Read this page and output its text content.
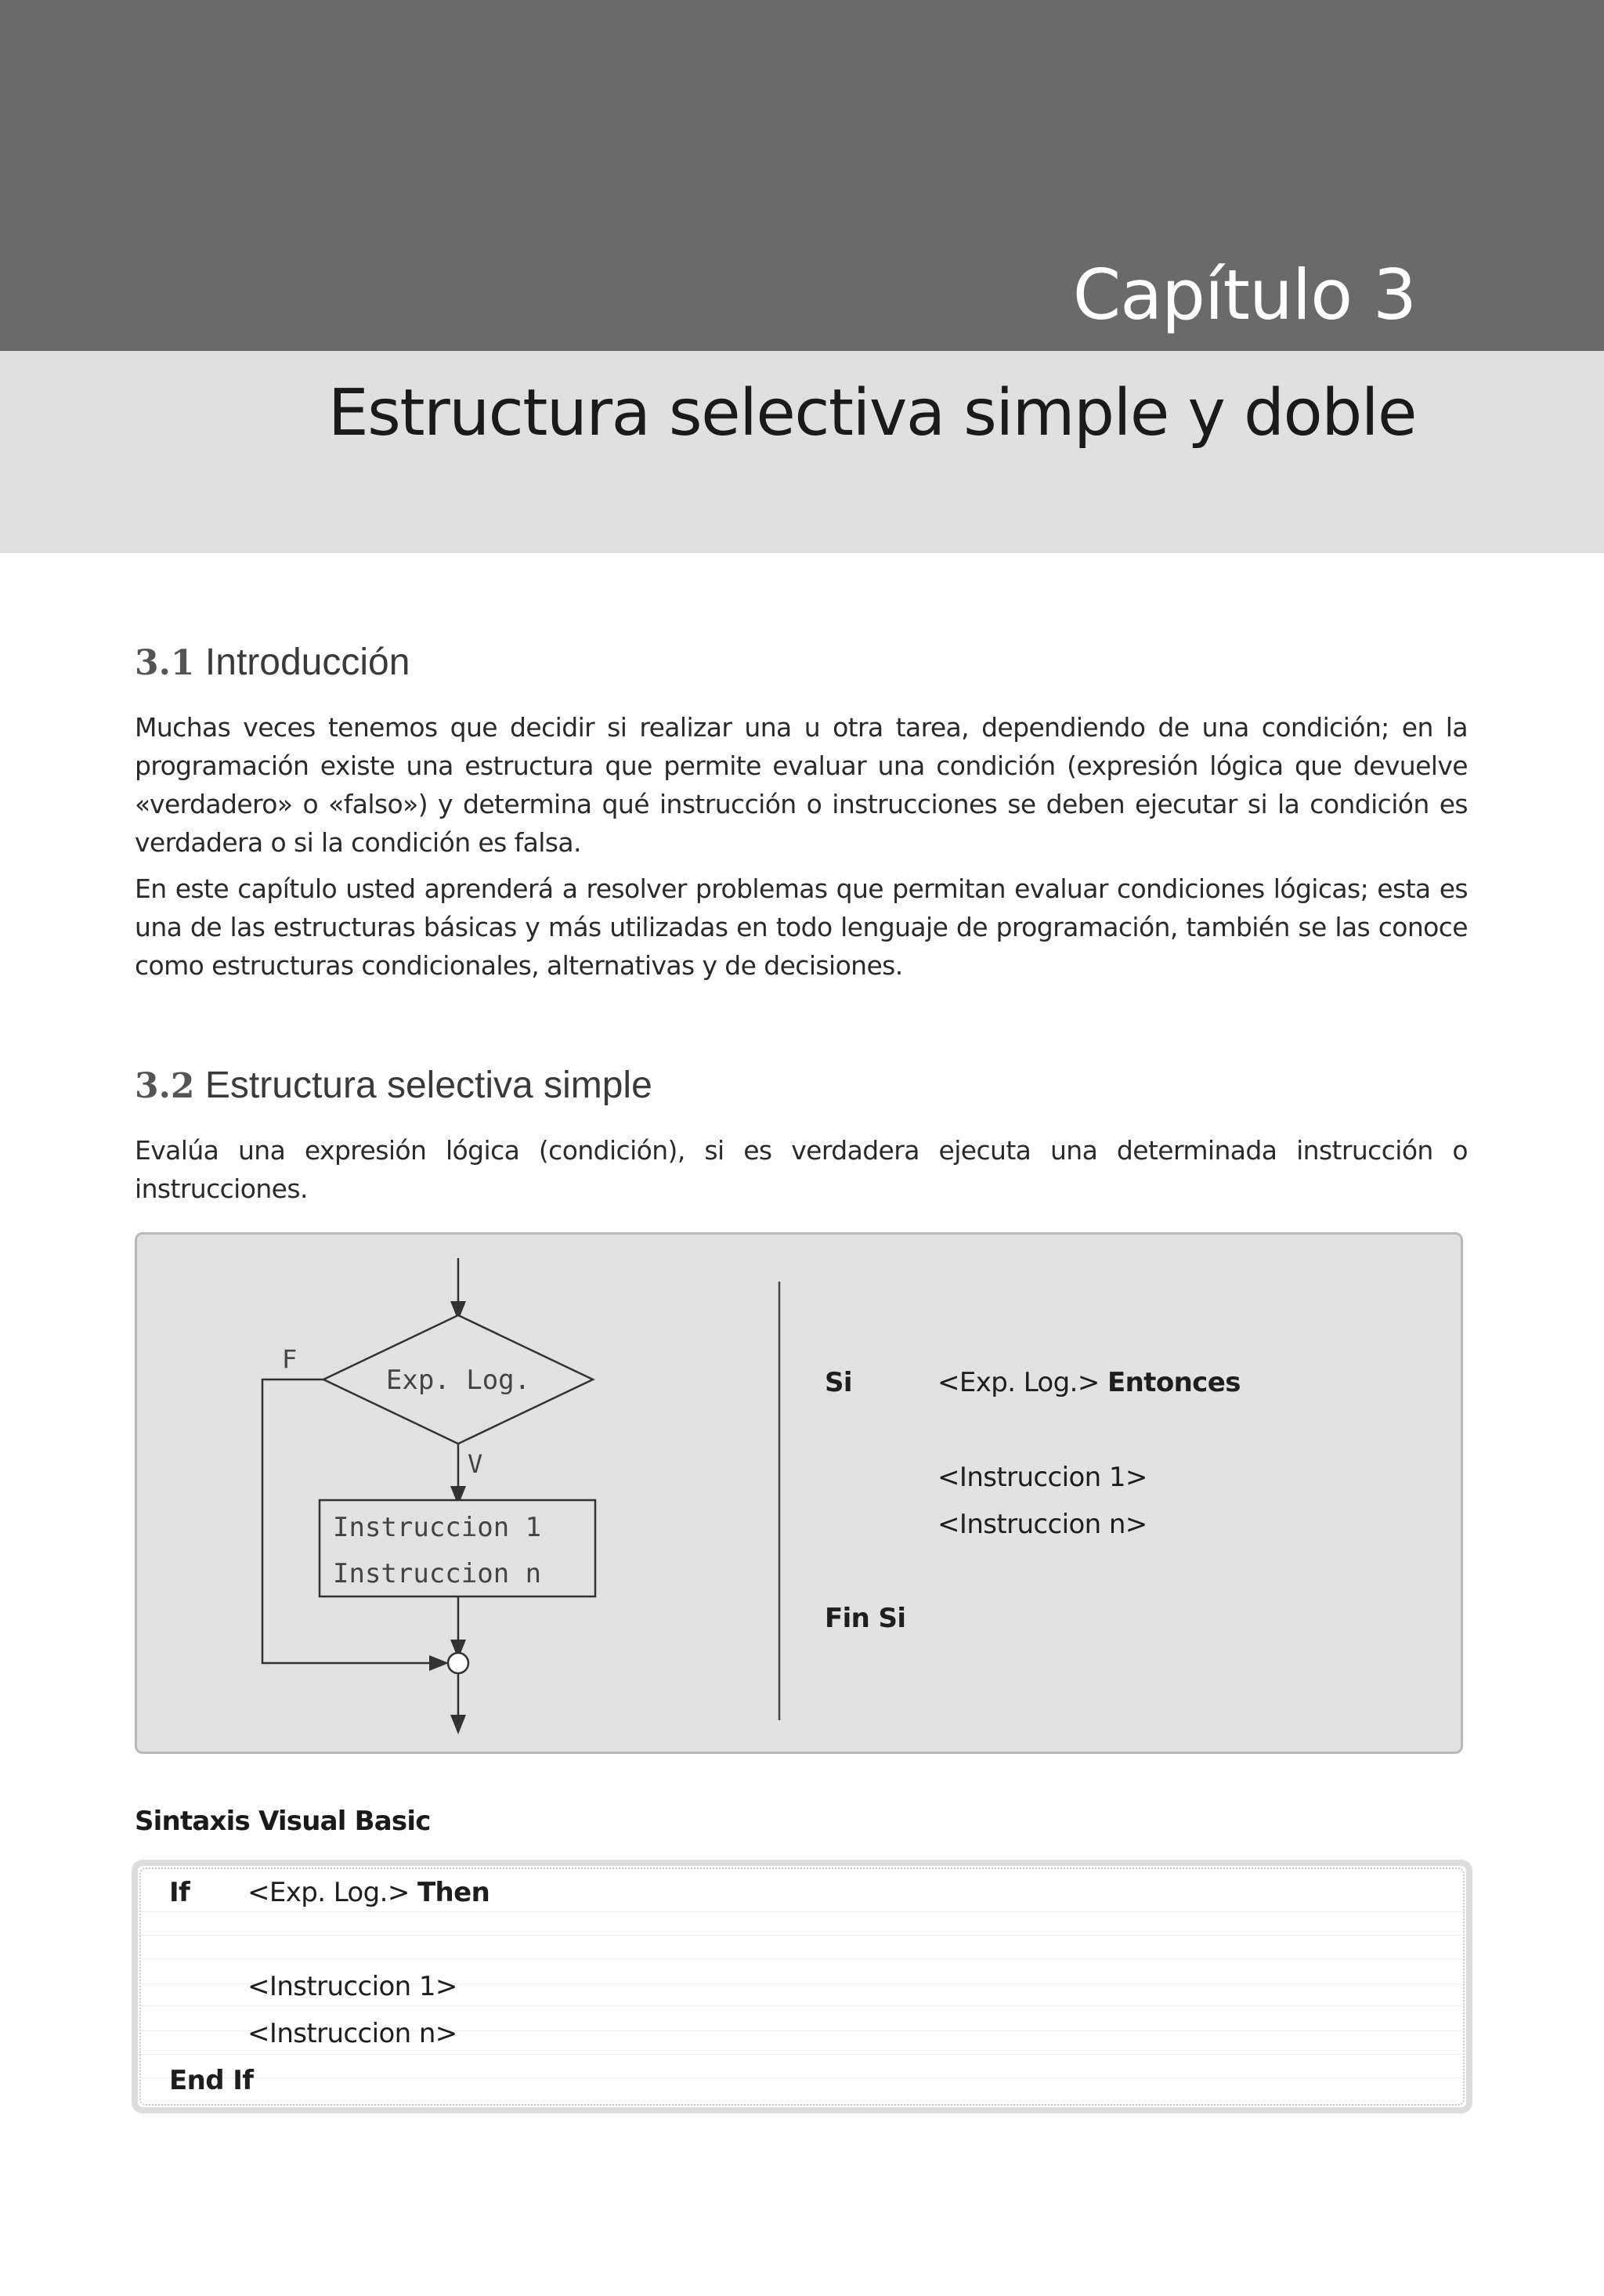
Capítulo 3
Estructura selectiva simple y doble
3.1 Introducción
Muchas veces tenemos que decidir si realizar una u otra tarea, dependiendo de una condición; en la programación existe una estructura que permite evaluar una condición (expresión lógica que devuelve «verdadero» o «falso») y determina qué instrucción o instrucciones se deben ejecutar si la condición es verdadera o si la condición es falsa.
En este capítulo usted aprenderá a resolver problemas que permitan evaluar condiciones lógicas; esta es una de las estructuras básicas y más utilizadas en todo lenguaje de programación, también se las conoce como estructuras condicionales, alternativas y de decisiones.
3.2 Estructura selectiva simple
Evalúa una expresión lógica (condición), si es verdadera ejecuta una determinada instrucción o instrucciones.
Exp. Log.
F
V
Instruccion 1
Instruccion n
Si	<Exp. Log.> Entonces
<Instruccion 1>
<Instruccion n>
Fin Si
Sintaxis Visual Basic
If <Exp. Log.> Then
<Instruccion 1>
<Instruccion n>
End If
